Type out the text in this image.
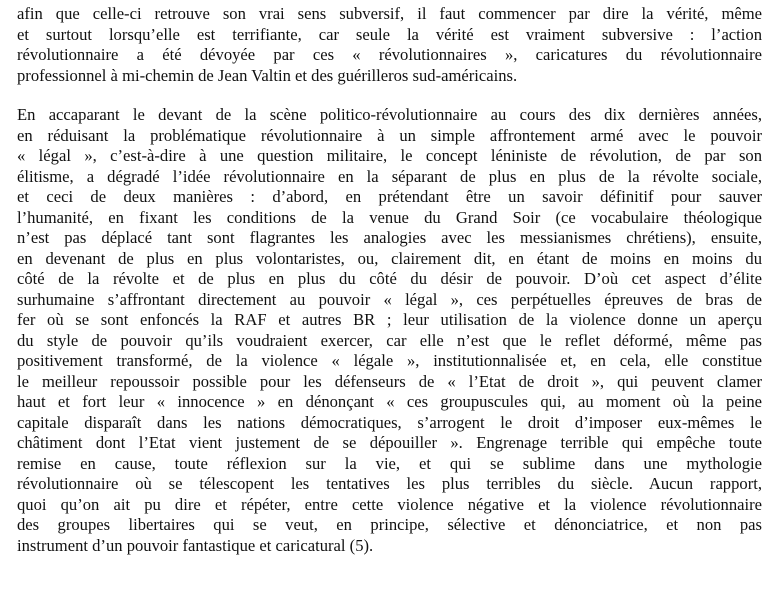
afin que celle-ci retrouve son vrai sens subversif, il faut commencer par dire la vérité, même
et surtout lorsqu’elle est terrifiante, car seule la vérité est vraiment subversive : l’action
révolutionnaire a été dévoyée par ces « révolutionnaires », caricatures du révolutionnaire
professionnel à mi-chemin de Jean Valtin et des guérilleros sud-américains.

En accaparant le devant de la scène politico-révolutionnaire au cours des dix dernières années,
en réduisant la problématique révolutionnaire à un simple affrontement armé avec le pouvoir
« légal », c’est-à-dire à une question militaire, le concept léniniste de révolution, de par son
élitisme, a dégradé l’idée révolutionnaire en la séparant de plus en plus de la révolte sociale,
et ceci de deux manières : d’abord, en prétendant être un savoir définitif pour sauver
l’humanité, en fixant les conditions de la venue du Grand Soir (ce vocabulaire théologique
n’est pas déplacé tant sont flagrantes les analogies avec les messianismes chrétiens), ensuite,
en devenant de plus en plus volontaristes, ou, clairement dit, en étant de moins en moins du
côté de la révolte et de plus en plus du côté du désir de pouvoir. D’où cet aspect d’élite
surhumaine s’affrontant directement au pouvoir « légal », ces perpétuelles épreuves de bras de
fer où se sont enfoncés la RAF et autres BR ; leur utilisation de la violence donne un aperçu
du style de pouvoir qu’ils voudraient exercer, car elle n’est que le reflet déformé, même pas
positivement transformé, de la violence « légale », institutionnalisée et, en cela, elle constitue
le meilleur repoussoir possible pour les défenseurs de « l’Etat de droit », qui peuvent clamer
haut et fort leur « innocence » en dénonçant « ces groupuscules qui, au moment où la peine
capitale disparaît dans les nations démocratiques, s’arrogent le droit d’imposer eux-mêmes le
châtiment dont l’Etat vient justement de se dépouiller ». Engrenage terrible qui empêche toute
remise en cause, toute réflexion sur la vie, et qui se sublime dans une mythologie
révolutionnaire où se télescopent les tentatives les plus terribles du siècle. Aucun rapport,
quoi qu’on ait pu dire et répéter, entre cette violence négative et la violence révolutionnaire
des groupes libertaires qui se veut, en principe, sélective et dénonciatrice, et non pas
instrument d’un pouvoir fantastique et caricatural (5).
